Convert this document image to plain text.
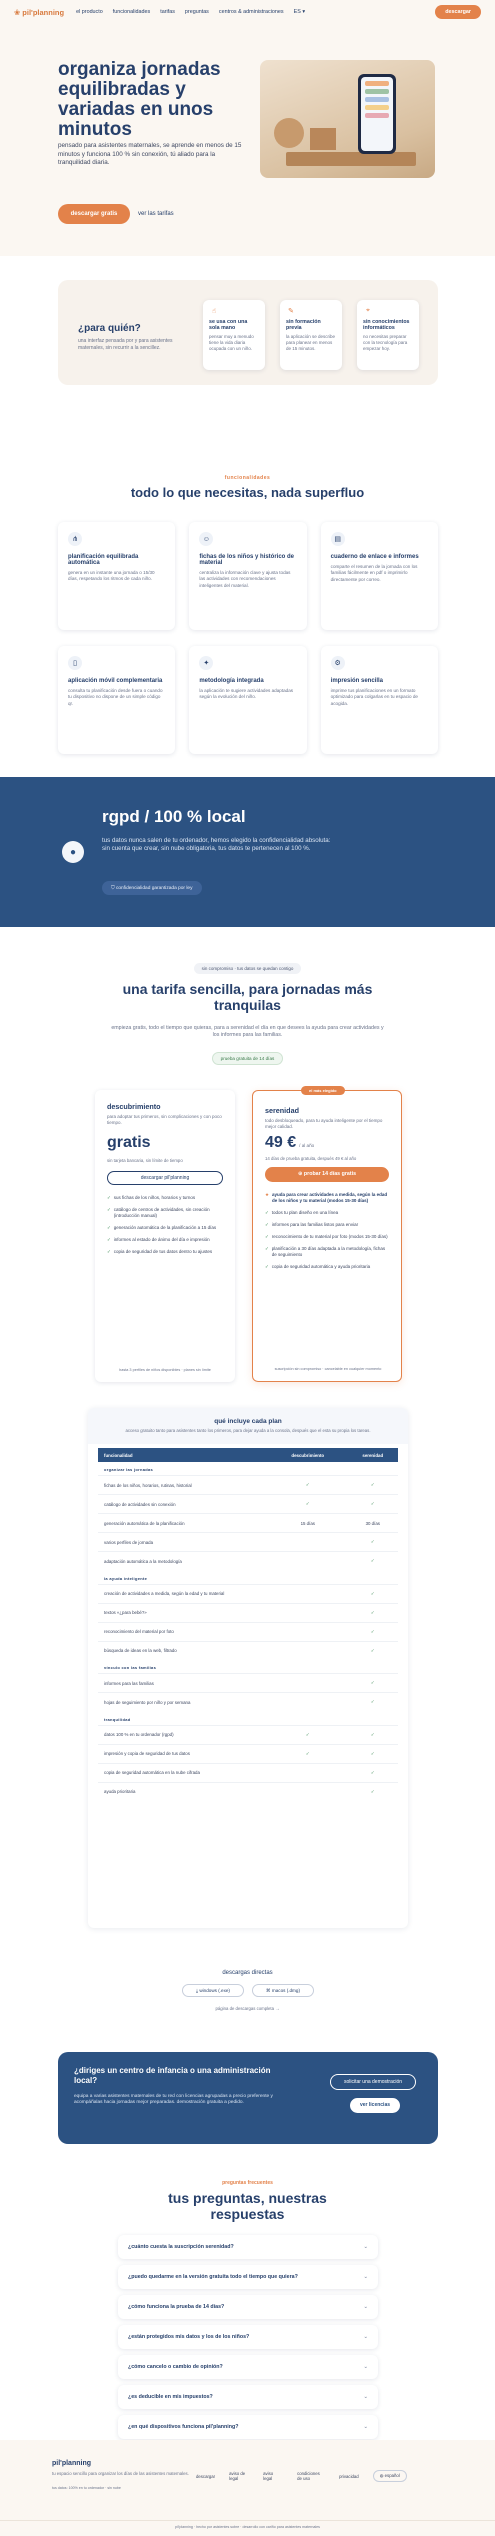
❀ pil'planning el producto funcionalidades tarifas preguntas centros & administraciones ES ▾	descargar
organiza jornadas equilibradas y variadas en unos minutos
pensado para asistentes maternales, se aprende en menos de 15 minutos y funciona 100 % sin conexión, tú aliado para la tranquilidad diaria.
descargar gratis	ver las tarifas
¿para quién?
una interfaz pensada por y para asistentes maternales, sin recurrir a la sencillez.
☝
se usa con una sola mano
pensar muy a menudo tiene la vida diaria ocupada con un niño.
✎
sin formación previa
la aplicación se describe para planear en menos de 15 minutos.
⌖
sin conocimientos informáticos
no necesitas preparar con la tecnología para empezar hoy.
funcionalidades
todo lo que necesitas, nada superfluo
⋔
planificación equilibrada automática
genera en un instante una jornada o 15/30 días, respetando los ritmos de cada niño.
☺
fichas de los niños y histórico de material
centraliza la información clave y ajusta todas las actividades con recomendaciones inteligentes del material.
▤
cuaderno de enlace e informes
comparte el resumen de la jornada con los familias fácilmente en pdf o imprimirlo directamente por correo.
▯
aplicación móvil complementaria
consulta tu planificación desde fuera o cuando tu dispositivo no dispone de un simple código qr.
✦
metodología integrada
la aplicación te sugiere actividades adaptadas según la evolución del niño.
⚙
impresión sencilla
imprime tus planificaciones en un formato optimizado para colgarlas en tu espacio de acogida.
●
rgpd / 100 % local
tus datos nunca salen de tu ordenador, hemos elegido la confidencialidad absoluta: sin cuenta que crear, sin nube obligatoria, tus datos te pertenecen al 100 %.
⛉ confidencialidad garantizada por ley
sin compromiso · tus datos se quedan contigo
una tarifa sencilla, para jornadas más tranquilas
empieza gratis, todo el tiempo que quieras, para a serenidad el día en que desees la ayuda para crear actividades y los informes para las familias.
prueba gratuita de 14 días
descubrimiento
para adoptar tus primeros, sin complicaciones y con poco tiempo.
gratis
sin tarjeta bancaria, sin límite de tiempo
descargar pil'planning
✓ sus fichas de los niños, horarios y turnos
✓ catálogo de centros de actividades, sin creación (introducción manual)
✓ generación automática de la planificación a 15 días
✓ informes al estado de ánimo del día e impresión
✓ copia de seguridad de tus datos dentro tu ajustes
hasta 3 perfiles de niños disponibles · planes sin límite
el más elegido
serenidad
todo desbloqueado, para tu ayuda inteligente por el tiempo mejor calidad.
49 € / al año
14 días de prueba gratuita, después 49 € al año
⊕ probar 14 días gratis
★ ayuda para crear actividades a medida, según la edad de los niños y tu material (modos 15-30 días)
✓ todos tu plan diseño en una línea
✓ informes para las familias listos para enviar
✓ reconocimiento de tu material por foto (modos 15-30 días)
✓ planificación a 30 días adaptada a la metodología, fichas de seguimiento
✓ copia de seguridad automática y ayuda prioritaria
suscripción sin compromiso · cancelable en cualquier momento
qué incluye cada plan
acceso gratuito tanto para asistentes tanto los primeros, para dejar ayuda a la consola, después que el esta su propia los tareas.
funcionalidad	descubrimiento	serenidad
organizar las jornadas		
fichas de los niños, horarios, rutinas, historial	✓	✓
catálogo de actividades sin conexión	✓	✓
generación automática de la planificación	15 días	30 días
varios perfiles de jornada		✓
adaptación automática a la metodología		✓
la ayuda inteligente		
creación de actividades a medida, según la edad y tu material		✓
textos «¿para bebé?»		✓
reconocimiento del material por foto		✓
búsqueda de ideas en la web, filtrado		✓
vínculo con las familias		
informes para las familias		✓
hojas de seguimiento por niño y por semana		✓
tranquilidad		
datos 100 % en tu ordenador (rgpd)	✓	✓
impresión y copia de seguridad de tus datos	✓	✓
copia de seguridad automática en la nube cifrada		✓
ayuda prioritaria		✓
descargas directas
⤓ windows (.exe)	⌘ macos (.dmg)
página de descargas completa →
¿diriges un centro de infancia o una administración local?
equipa a varias asistentes maternales de tu red con licencias agrupadas a precio preferente y acompáñalas hacia jornadas mejor preparadas. demostración gratuita a pedido.
solicitar una demostración
ver licencias
preguntas frecuentes
tus preguntas, nuestras respuestas
¿cuánto cuesta la suscripción serenidad?	⌄
¿puedo quedarme en la versión gratuita todo el tiempo que quiera?	⌄
¿cómo funciona la prueba de 14 días?	⌄
¿están protegidos mis datos y los de los niños?	⌄
¿cómo cancelo o cambio de opinión?	⌄
¿es deducible en mis impuestos?	⌄
¿en qué dispositivos funciona pil'planning?	⌄
pil'planning
tu espacio sencillo para organizar los días de las asistentes maternales.
tus datos: 100% en tu ordenador · sin nube
descargar	aviso de legal
aviso legal
condiciones de uso	privacidad	◍ español
pil'planning · hecho por asistentes sobre · desarrollo con cariño para asistentes maternales
